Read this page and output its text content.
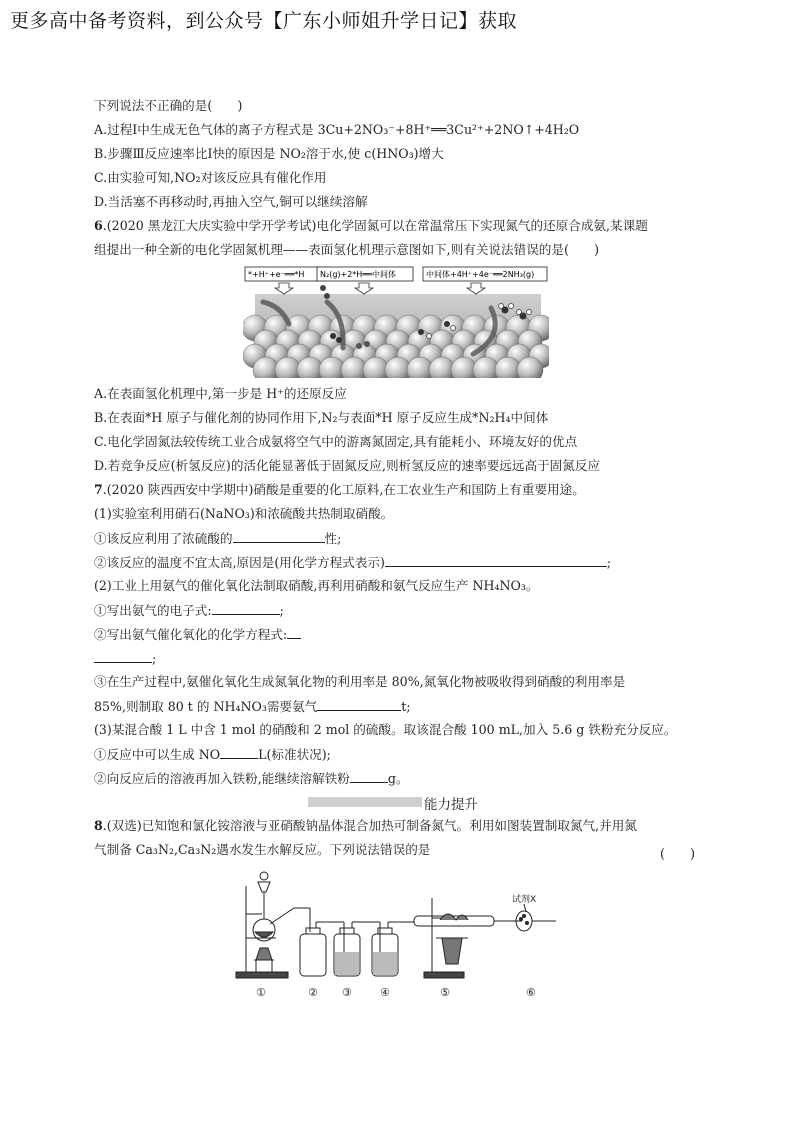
更多高中备考资料，到公众号【广东小师姐升学日记】获取
下列说法不正确的是(　　)
A.过程Ⅰ中生成无色气体的离子方程式是 3Cu+2NO₃⁻+8H⁺══3Cu²⁺+2NO↑+4H₂O
B.步骤Ⅲ反应速率比Ⅰ快的原因是 NO₂溶于水,使 c(HNO₃)增大
C.由实验可知,NO₂对该反应具有催化作用
D.当活塞不再移动时,再抽入空气,铜可以继续溶解
6.(2020 黑龙江大庆实验中学开学考试)电化学固氮可以在常温常压下实现氮气的还原合成氨,某课题
组提出一种全新的电化学固氮机理——表面氢化机理示意图如下,则有关说法错误的是(　　)
*+H⁺+e⁻══*H N₂(g)+2*H══中间体	中间体+4H⁺+4e⁻══2NH₃(g)
A.在表面氢化机理中,第一步是 H⁺的还原反应
B.在表面*H 原子与催化剂的协同作用下,N₂与表面*H 原子反应生成*N₂H₄中间体
C.电化学固氮法较传统工业合成氨将空气中的游离氮固定,具有能耗小、环境友好的优点
D.若竞争反应(析氢反应)的活化能显著低于固氮反应,则析氢反应的速率要远远高于固氮反应
7.(2020 陕西西安中学期中)硝酸是重要的化工原料,在工农业生产和国防上有重要用途。
(1)实验室利用硝石(NaNO₃)和浓硫酸共热制取硝酸。
①该反应利用了浓硫酸的	性;
②该反应的温度不宜太高,原因是(用化学方程式表示)	;
(2)工业上用氨气的催化氧化法制取硝酸,再利用硝酸和氨气反应生产 NH₄NO₃。
①写出氨气的电子式:	;
②写出氨气催化氧化的化学方程式:
;
③在生产过程中,氨催化氧化生成氮氧化物的利用率是 80%,氮氧化物被吸收得到硝酸的利用率是
85%,则制取 80 t 的 NH₄NO₃需要氨气	t;
(3)某混合酸 1 L 中含 1 mol 的硝酸和 2 mol 的硫酸。取该混合酸 100 mL,加入 5.6 g 铁粉充分反应。
①反应中可以生成 NO	L(标准状况);
②向反应后的溶液再加入铁粉,能继续溶解铁粉	g。
能力提升
8.(双选)已知饱和氯化铵溶液与亚硝酸钠晶体混合加热可制备氮气。利用如图装置制取氮气,并用氮
气制备 Ca₃N₂,Ca₃N₂遇水发生水解反应。下列说法错误的是	(　　)
试剂X
①	② ③	④	⑤	⑥
